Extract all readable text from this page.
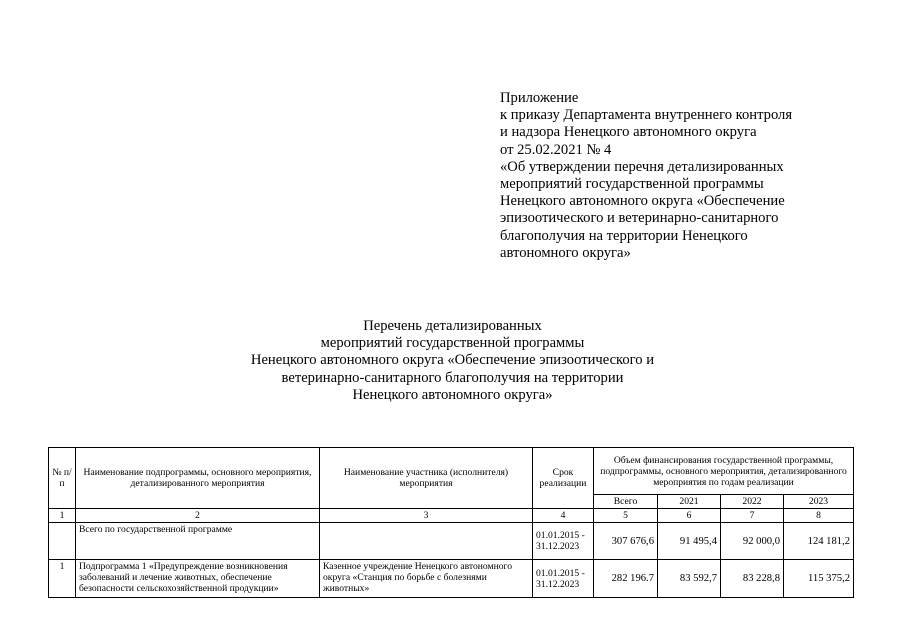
Приложение
к приказу Департамента внутреннего контроля
и надзора Ненецкого автономного округа
от 25.02.2021 № 4
«Об утверждении перечня детализированных
мероприятий государственной программы
Ненецкого автономного округа «Обеспечение
эпизоотического и ветеринарно-санитарного
благополучия на территории Ненецкого
автономного округа»
Перечень детализированных
мероприятий государственной программы
Ненецкого автономного округа «Обеспечение эпизоотического и
ветеринарно-санитарного благополучия на территории
Ненецкого автономного округа»
№ п/п	Наименование подпрограммы, основного мероприятия, детализированного мероприятия	Наименование участника (исполнителя) мероприятия	Срок реализации	Объем финансирования государственной программы, подпрограммы, основного мероприятия, детализированного мероприятия по годам реализации			
				Всего	2021	2022	2023
1	2	3	4	5	6	7	8
	Всего по государственной программе		01.01.2015 - 31.12.2023	307 676,6	91 495,4	92 000,0	124 181,2
1	Подпрограмма 1 «Предупреждение возникновения заболеваний и лечение животных, обеспечение безопасности сельскохозяйственной продукции»	Казенное учреждение Ненецкого автономного округа «Станция по борьбе с болезнями животных»	01.01.2015 - 31.12.2023	282 196.7	83 592,7	83 228,8	115 375,2
